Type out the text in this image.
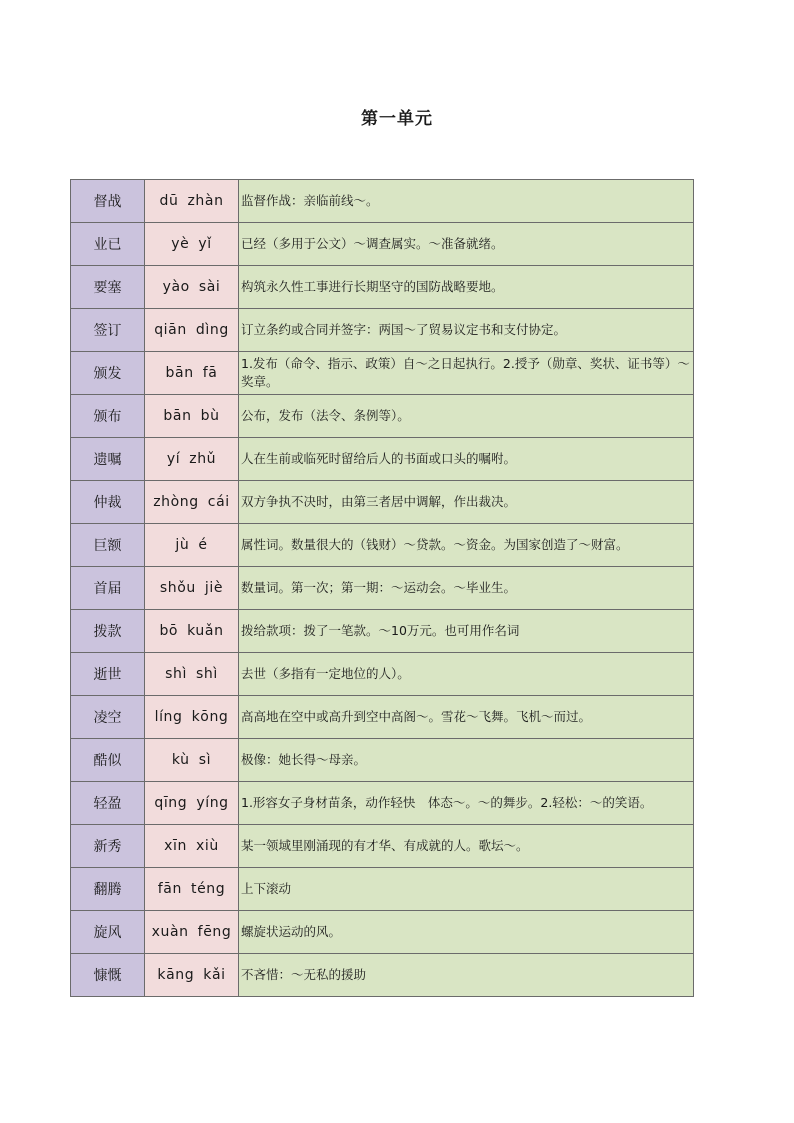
第一单元
督战	dū zhàn	监督作战：亲临前线～。
业已	yè yǐ	已经（多用于公文）～调查属实。～准备就绪。
要塞	yào sài	构筑永久性工事进行长期坚守的国防战略要地。
签订	qiān dìng	订立条约或合同并签字：两国～了贸易议定书和支付协定。
颁发	bān fā	1.发布（命令、指示、政策）自～之日起执行。2.授予（勋章、奖状、证书等）～奖章。
颁布	bān bù	公布，发布（法令、条例等）。
遗嘱	yí zhǔ	人在生前或临死时留给后人的书面或口头的嘱咐。
仲裁	zhòng cái	双方争执不决时，由第三者居中调解，作出裁决。
巨额	jù é	属性词。数量很大的（钱财）～贷款。～资金。为国家创造了～财富。
首届	shǒu jiè	数量词。第一次；第一期：～运动会。～毕业生。
拨款	bō kuǎn	拨给款项：拨了一笔款。～10万元。也可用作名词
逝世	shì shì	去世（多指有一定地位的人）。
凌空	líng kōng	高高地在空中或高升到空中高阁～。雪花～飞舞。飞机～而过。
酷似	kù sì	极像：她长得～母亲。
轻盈	qīng yíng	1.形容女子身材苗条，动作轻快　体态～。～的舞步。2.轻松：～的笑语。
新秀	xīn xiù	某一领域里刚涌现的有才华、有成就的人。歌坛～。
翻腾	fān téng	上下滚动
旋风	xuàn fēng	螺旋状运动的风。
慷慨	kāng kǎi	不吝惜：～无私的援助
